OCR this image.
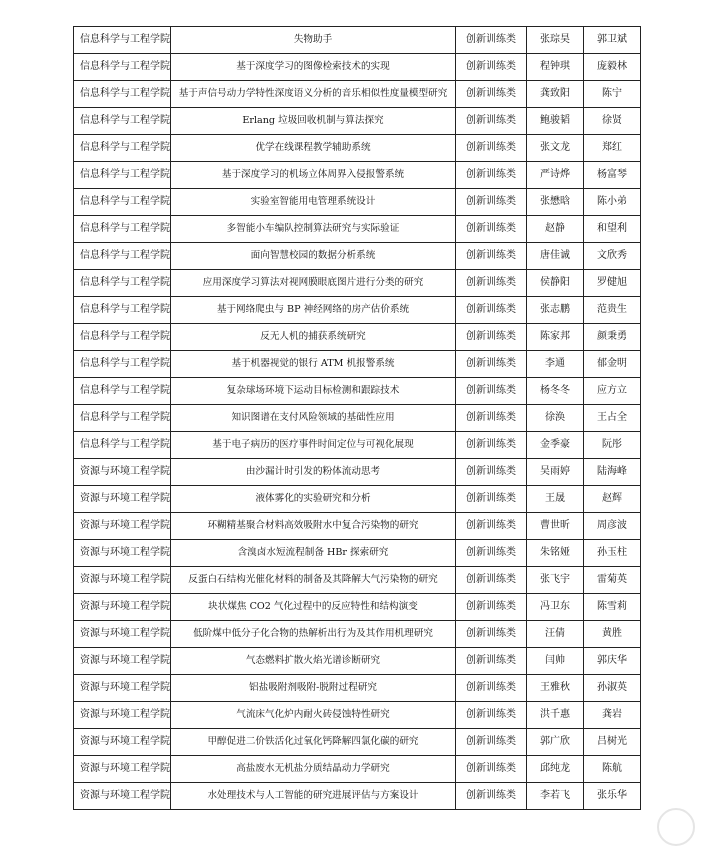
信息科学与工程学院	失物助手	创新训练类	张琮昊	郭卫斌
信息科学与工程学院	基于深度学习的图像检索技术的实现	创新训练类	程钟琪	庞毅林
信息科学与工程学院	基于声信号动力学特性深度语义分析的音乐相似性度量模型研究	创新训练类	龚致阳	陈宁
信息科学与工程学院	Erlang 垃圾回收机制与算法探究	创新训练类	鲍骏韬	徐贤
信息科学与工程学院	优学在线课程教学辅助系统	创新训练类	张文龙	郑红
信息科学与工程学院	基于深度学习的机场立体周界入侵报警系统	创新训练类	严诗烨	杨富琴
信息科学与工程学院	实验室智能用电管理系统设计	创新训练类	张懋晗	陈小弟
信息科学与工程学院	多智能小车编队控制算法研究与实际验证	创新训练类	赵静	和望利
信息科学与工程学院	面向智慧校园的数据分析系统	创新训练类	唐佳诚	文欣秀
信息科学与工程学院	应用深度学习算法对视网膜眼底图片进行分类的研究	创新训练类	侯静阳	罗健旭
信息科学与工程学院	基于网络爬虫与 BP 神经网络的房产估价系统	创新训练类	张志鹏	范贵生
信息科学与工程学院	反无人机的捕获系统研究	创新训练类	陈家邦	颜秉勇
信息科学与工程学院	基于机器视觉的银行 ATM 机报警系统	创新训练类	李通	郁金明
信息科学与工程学院	复杂球场环境下运动目标检测和跟踪技术	创新训练类	杨冬冬	应方立
信息科学与工程学院	知识图谱在支付风险领域的基础性应用	创新训练类	徐涣	王占全
信息科学与工程学院	基于电子病历的医疗事件时间定位与可视化展现	创新训练类	金季豪	阮彤
资源与环境工程学院	由沙漏计时引发的粉体流动思考	创新训练类	吴雨婷	陆海峰
资源与环境工程学院	液体雾化的实验研究和分析	创新训练类	王晟	赵辉
资源与环境工程学院	环糊精基聚合材料高效吸附水中复合污染物的研究	创新训练类	曹世昕	周彦波
资源与环境工程学院	含溴卤水短流程制备 HBr 探索研究	创新训练类	朱铭娅	孙玉柱
资源与环境工程学院	反蛋白石结构光催化材料的制备及其降解大气污染物的研究	创新训练类	张飞宇	雷菊英
资源与环境工程学院	块状煤焦 CO2 气化过程中的反应特性和结构演变	创新训练类	冯卫东	陈雪莉
资源与环境工程学院	低阶煤中低分子化合物的热解析出行为及其作用机理研究	创新训练类	汪倩	黄胜
资源与环境工程学院	气态燃料扩散火焰光谱诊断研究	创新训练类	闫帅	郭庆华
资源与环境工程学院	铝盐吸附剂吸附-脱附过程研究	创新训练类	王雅秋	孙淑英
资源与环境工程学院	气流床气化炉内耐火砖侵蚀特性研究	创新训练类	洪千惠	龚岩
资源与环境工程学院	甲醇促进二价铁活化过氧化钙降解四氯化碳的研究	创新训练类	郭广欣	吕树光
资源与环境工程学院	高盐废水无机盐分质结晶动力学研究	创新训练类	邱纯龙	陈航
资源与环境工程学院	水处理技术与人工智能的研究进展评估与方案设计	创新训练类	李若飞	张乐华
